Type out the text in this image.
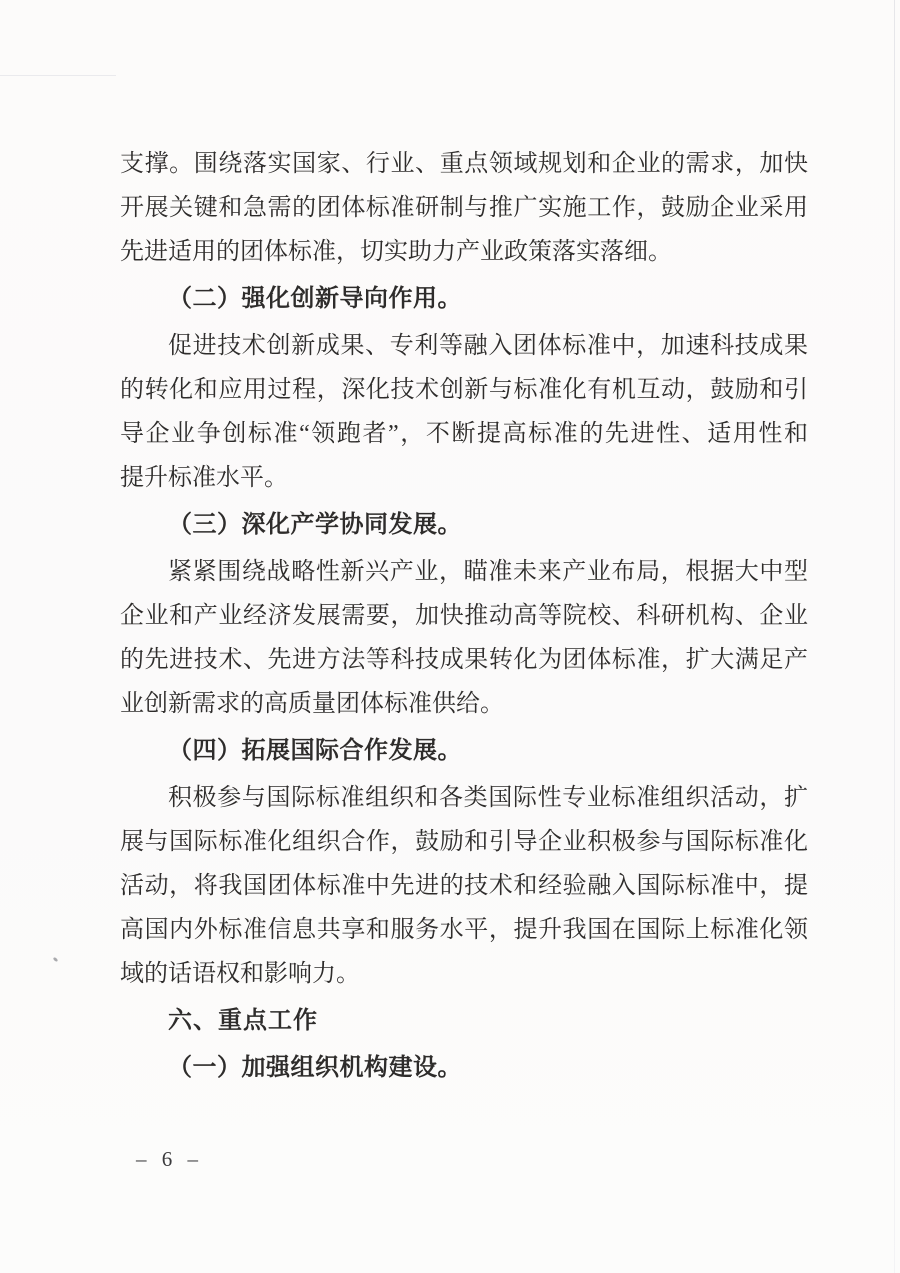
支撑。围绕落实国家、行业、重点领域规划和企业的需求，加快
开展关键和急需的团体标准研制与推广实施工作，鼓励企业采用
先进适用的团体标准，切实助力产业政策落实落细。
（二）强化创新导向作用。
促进技术创新成果、专利等融入团体标准中，加速科技成果
的转化和应用过程，深化技术创新与标准化有机互动，鼓励和引
导企业争创标准“领跑者”，不断提高标准的先进性、适用性和
提升标准水平。
（三）深化产学协同发展。
紧紧围绕战略性新兴产业，瞄准未来产业布局，根据大中型
企业和产业经济发展需要，加快推动高等院校、科研机构、企业
的先进技术、先进方法等科技成果转化为团体标准，扩大满足产
业创新需求的高质量团体标准供给。
（四）拓展国际合作发展。
积极参与国际标准组织和各类国际性专业标准组织活动，扩
展与国际标准化组织合作，鼓励和引导企业积极参与国际标准化
活动，将我国团体标准中先进的技术和经验融入国际标准中，提
高国内外标准信息共享和服务水平，提升我国在国际上标准化领
域的话语权和影响力。
六、重点工作
（一）加强组织机构建设。
– 6 –
